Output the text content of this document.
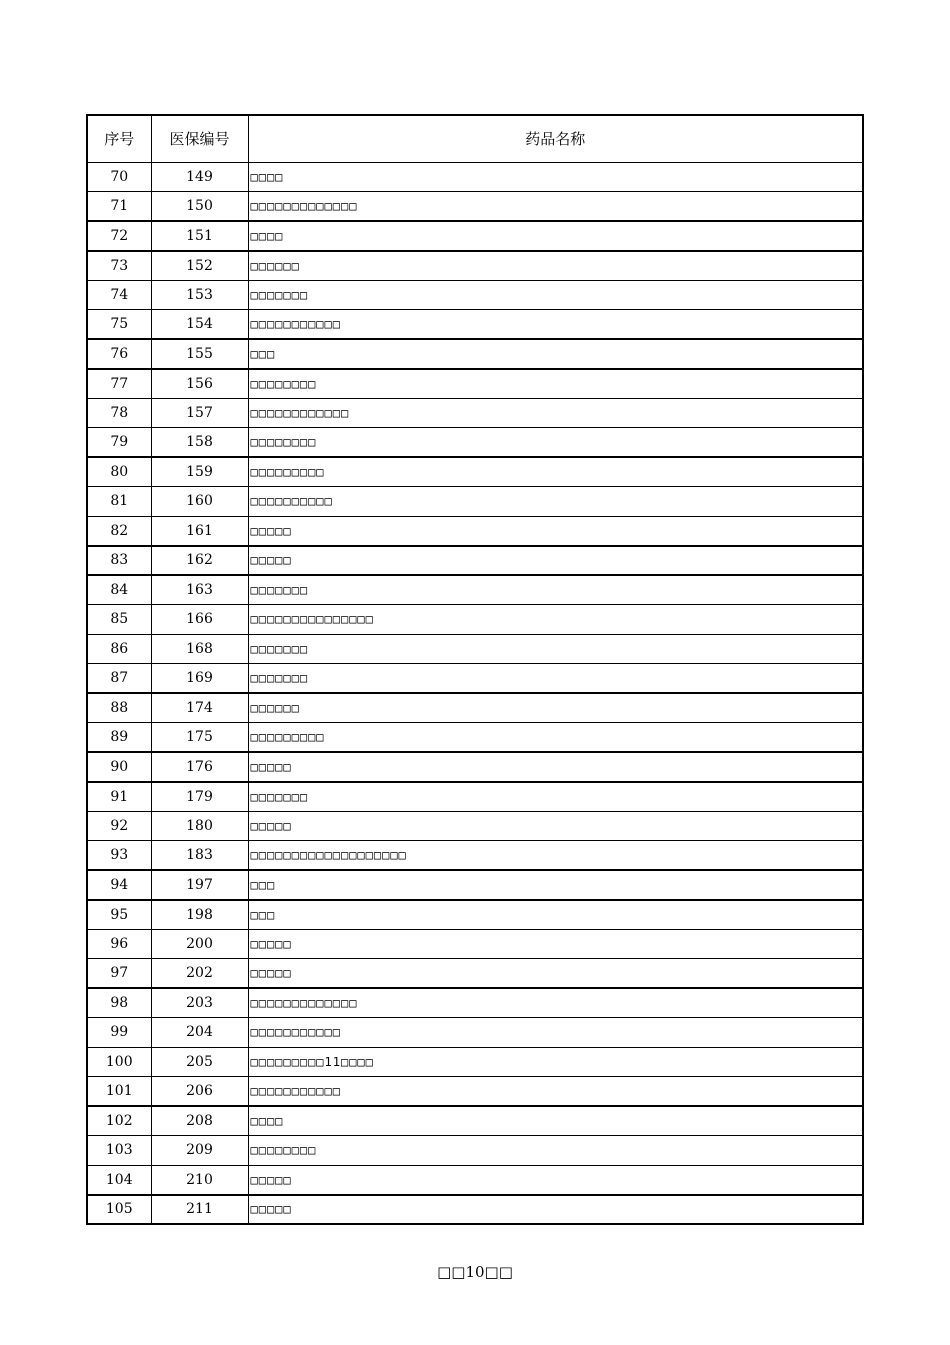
序号	医保编号	药品名称
70	149	□□□□
71	150	□□□□□□□□□□□□□
72	151	□□□□
73	152	□□□□□□
74	153	□□□□□□□
75	154	□□□□□□□□□□□
76	155	□□□
77	156	□□□□□□□□
78	157	□□□□□□□□□□□□
79	158	□□□□□□□□
80	159	□□□□□□□□□
81	160	□□□□□□□□□□
82	161	□□□□□
83	162	□□□□□
84	163	□□□□□□□
85	166	□□□□□□□□□□□□□□□
86	168	□□□□□□□
87	169	□□□□□□□
88	174	□□□□□□
89	175	□□□□□□□□□
90	176	□□□□□
91	179	□□□□□□□
92	180	□□□□□
93	183	□□□□□□□□□□□□□□□□□□□
94	197	□□□
95	198	□□□
96	200	□□□□□
97	202	□□□□□
98	203	□□□□□□□□□□□□□
99	204	□□□□□□□□□□□
100	205	□□□□□□□□□11□□□□
101	206	□□□□□□□□□□□
102	208	□□□□
103	209	□□□□□□□□
104	210	□□□□□
105	211	□□□□□
□□10□□
